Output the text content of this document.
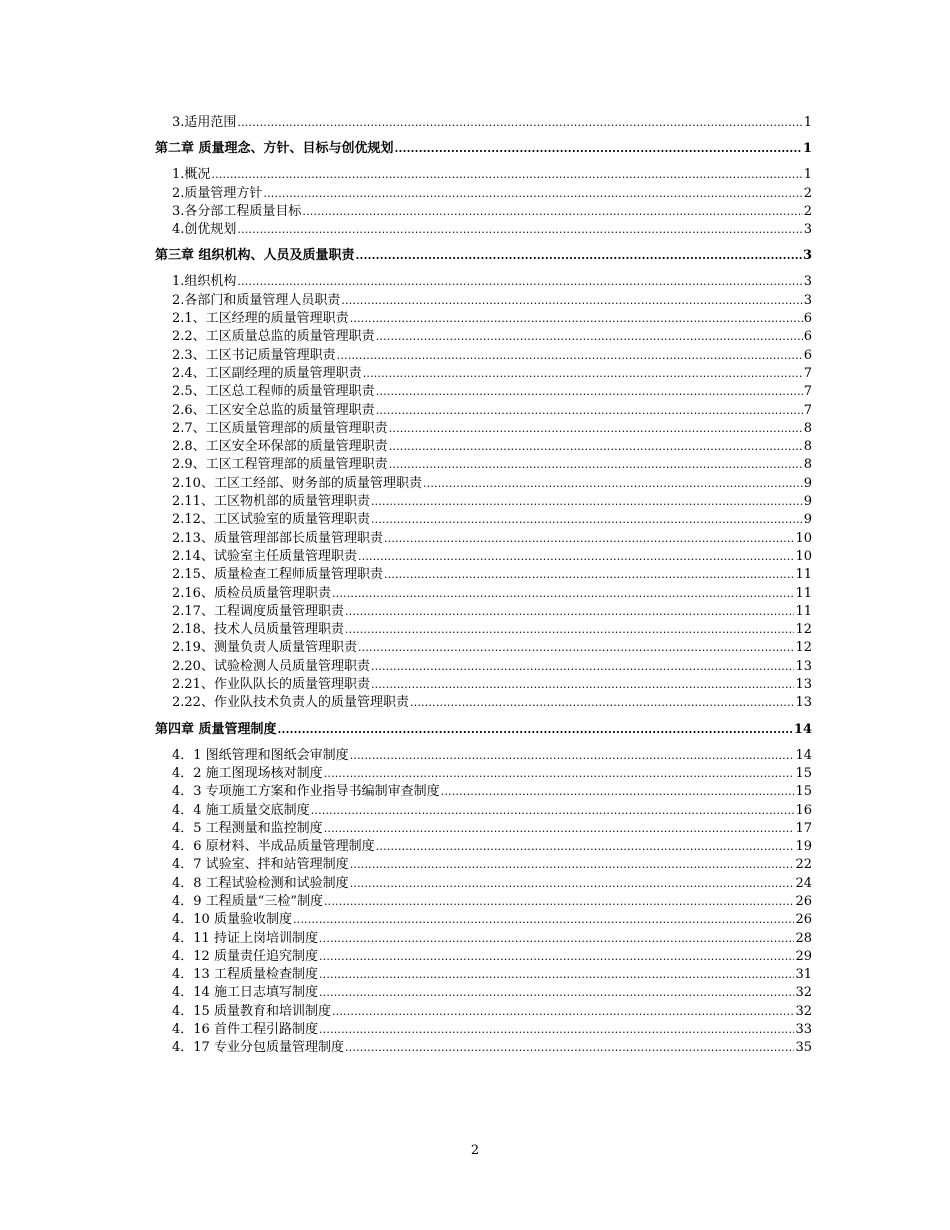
3.适用范围 .....	1
第二章 质量理念、方针、目标与创优规划 .....	1
1.概况 .....	1
2.质量管理方针 .....	2
3.各分部工程质量目标 .....	2
4.创优规划 .....	3
第三章 组织机构、人员及质量职责 .....	3
1.组织机构 .....	3
2.各部门和质量管理人员职责 .....	3
2.1、工区经理的质量管理职责 .....	6
2.2、工区质量总监的质量管理职责 .....	6
2.3、工区书记质量管理职责 .....	6
2.4、工区副经理的质量管理职责 .....	7
2.5、工区总工程师的质量管理职责 .....	7
2.6、工区安全总监的质量管理职责 .....	7
2.7、工区质量管理部的质量管理职责 .....	8
2.8、工区安全环保部的质量管理职责 .....	8
2.9、工区工程管理部的质量管理职责 .....	8
2.10、工区工经部、财务部的质量管理职责 .....	9
2.11、工区物机部的质量管理职责 .....	9
2.12、工区试验室的质量管理职责 .....	9
2.13、质量管理部部长质量管理职责 .....	10
2.14、试验室主任质量管理职责 .....	10
2.15、质量检查工程师质量管理职责 .....	11
2.16、质检员质量管理职责 .....	11
2.17、工程调度质量管理职责 .....	11
2.18、技术人员质量管理职责 .....	12
2.19、测量负责人质量管理职责 .....	12
2.20、试验检测人员质量管理职责 .....	13
2.21、作业队队长的质量管理职责 .....	13
2.22、作业队技术负责人的质量管理职责 .....	13
第四章 质量管理制度 .....	14
4．1 图纸管理和图纸会审制度 .....	14
4．2 施工图现场核对制度 .....	15
4．3 专项施工方案和作业指导书编制审查制度 .....	15
4．4 施工质量交底制度 .....	16
4．5 工程测量和监控制度 .....	17
4．6 原材料、半成品质量管理制度 .....	19
4．7 试验室、拌和站管理制度 .....	22
4．8 工程试验检测和试验制度 .....	24
4．9 工程质量“三检”制度 .....	26
4．10 质量验收制度 .....	26
4．11 持证上岗培训制度 .....	28
4．12 质量责任追究制度 .....	29
4．13 工程质量检查制度 .....	31
4．14 施工日志填写制度 .....	32
4．15 质量教育和培训制度 .....	32
4．16 首件工程引路制度 .....	33
4．17 专业分包质量管理制度 .....	35
2
